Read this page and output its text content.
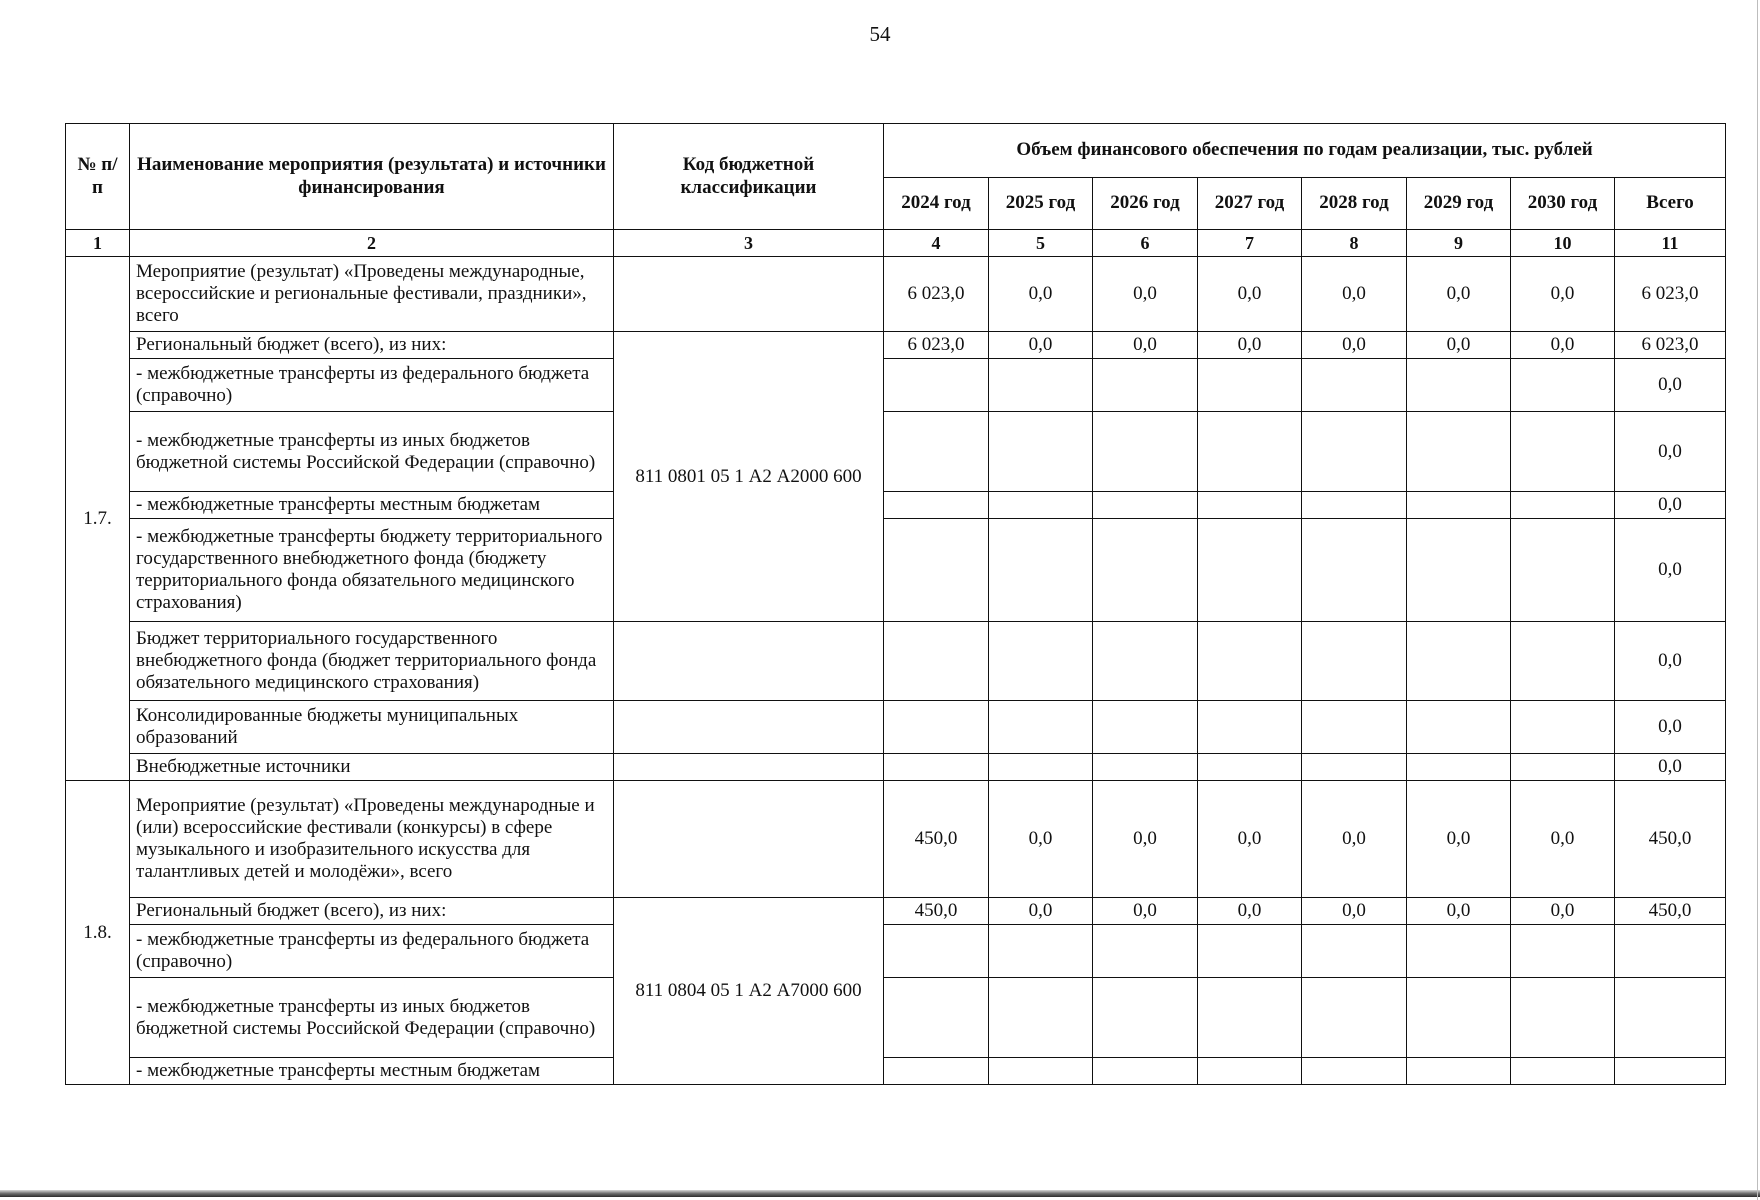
54
№ п/п	Наименование мероприятия (результата) и источники финансирования	Код бюджетной классификации	Объем финансового обеспечения по годам реализации, тыс. рублей							
			2024 год	2025 год	2026 год	2027 год	2028 год	2029 год	2030 год	Всего
1	2	3	4	5	6	7	8	9	10	11
1.7.	Мероприятие (результат) «Проведены международные, всероссийские и региональные фестивали, праздники», всего		6 023,0	0,0	0,0	0,0	0,0	0,0	0,0	6 023,0
	Региональный бюджет (всего), из них:	811 0801 05 1 А2 А2000 600	6 023,0	0,0	0,0	0,0	0,0	0,0	0,0	6 023,0
	- межбюджетные трансферты из федерального бюджета (справочно)									0,0
	- межбюджетные трансферты из иных бюджетов бюджетной системы Российской Федерации (справочно)									0,0
	- межбюджетные трансферты местным бюджетам									0,0
	- межбюджетные трансферты бюджету территориального государственного внебюджетного фонда (бюджету территориального фонда обязательного медицинского страхования)									0,0
	Бюджет территориального государственного внебюджетного фонда (бюджет территориального фонда обязательного медицинского страхования)									0,0
	Консолидированные бюджеты муниципальных образований									0,0
	Внебюджетные источники									0,0
1.8.	Мероприятие (результат) «Проведены международные и (или) всероссийские фестивали (конкурсы) в сфере музыкального и изобразительного искусства для талантливых детей и молодёжи», всего		450,0	0,0	0,0	0,0	0,0	0,0	0,0	450,0
	Региональный бюджет (всего), из них:	811 0804 05 1 А2 А7000 600	450,0	0,0	0,0	0,0	0,0	0,0	0,0	450,0
	- межбюджетные трансферты из федерального бюджета (справочно)									
	- межбюджетные трансферты из иных бюджетов бюджетной системы Российской Федерации (справочно)									
	- межбюджетные трансферты местным бюджетам									
